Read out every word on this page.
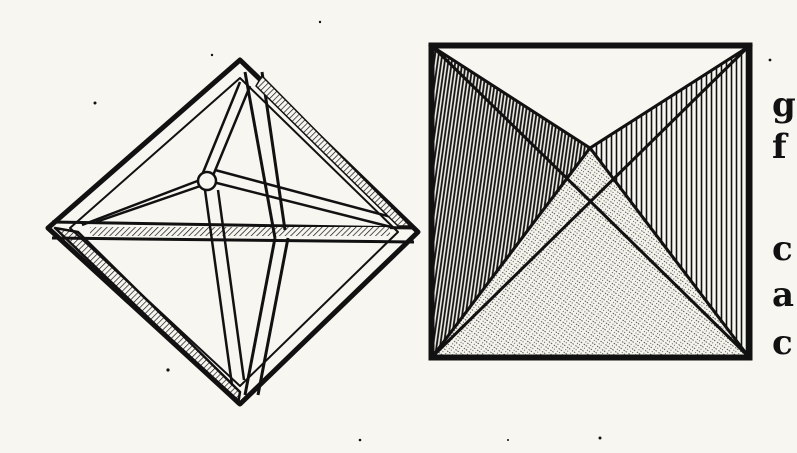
g
f
c
a
c
